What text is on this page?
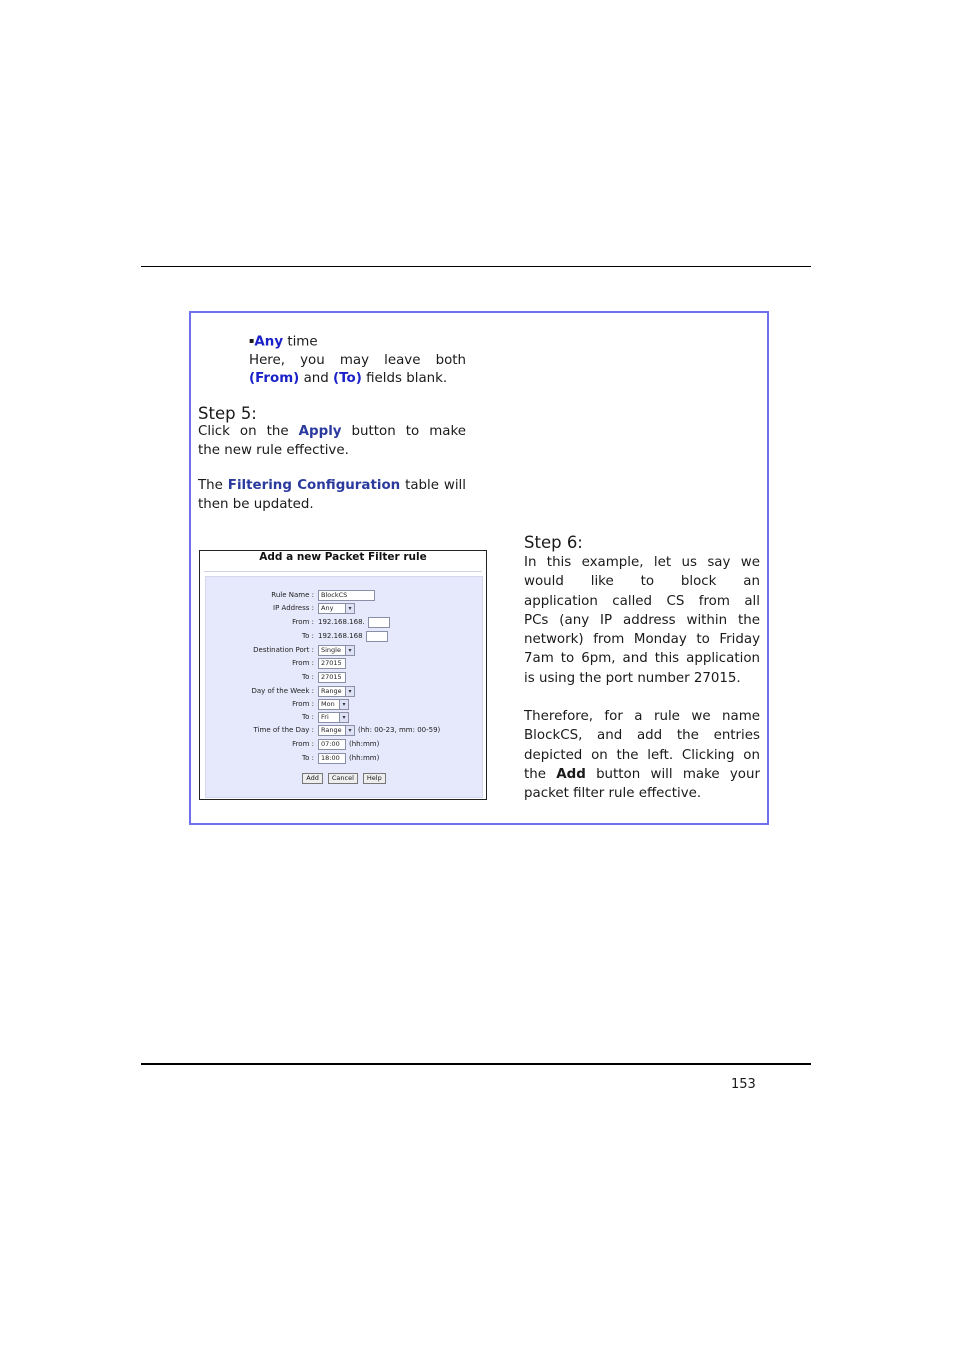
▪Any time
Here, you may leave both
(From) and (To) fields blank.
Step 5:
Click on the Apply button to make
the new rule effective.
The Filtering Configuration table will
then be updated.
Add a new Packet Filter rule
Rule Name :	BlockCS
IP Address : Any	▾
From : 192.168.168.
To : 192.168.168
Destination Port : Single	▾
From :	27015
To :	27015
Day of the Week : Range	▾
From : Mon	▾
To : Fri	▾
Time of the Day : Range	▾ (hh: 00-23, mm: 00-59)
From :	07:00	(hh:mm)
To :	18:00	(hh:mm)
Add	Cancel	Help
Step 6:
In this example, let us say we
would like to block an
application called CS from all
PCs (any IP address within the
network) from Monday to Friday
7am to 6pm, and this application
is using the port number 27015.
Therefore, for a rule we name
BlockCS, and add the entries
depicted on the left. Clicking on
the Add button will make your
packet filter rule effective.
153
